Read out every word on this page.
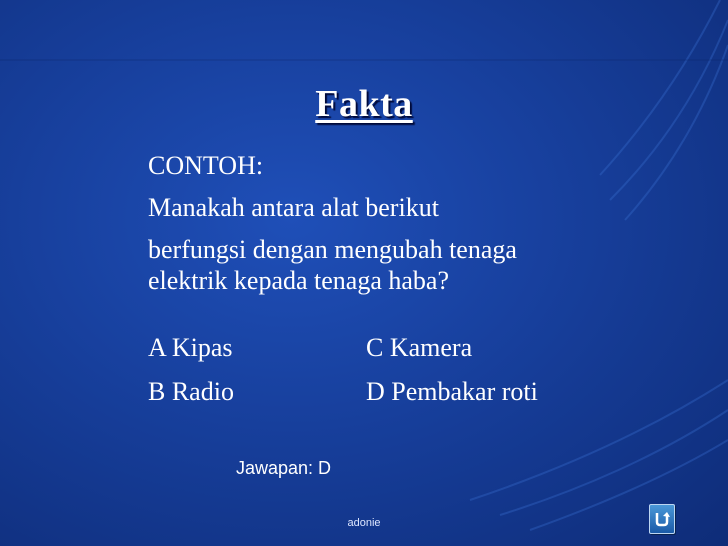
Fakta
CONTOH:
Manakah antara alat berikut
berfungsi dengan mengubah tenaga
elektrik kepada tenaga haba?
A Kipas	C Kamera
B Radio	D Pembakar roti
Jawapan: D
adonie
